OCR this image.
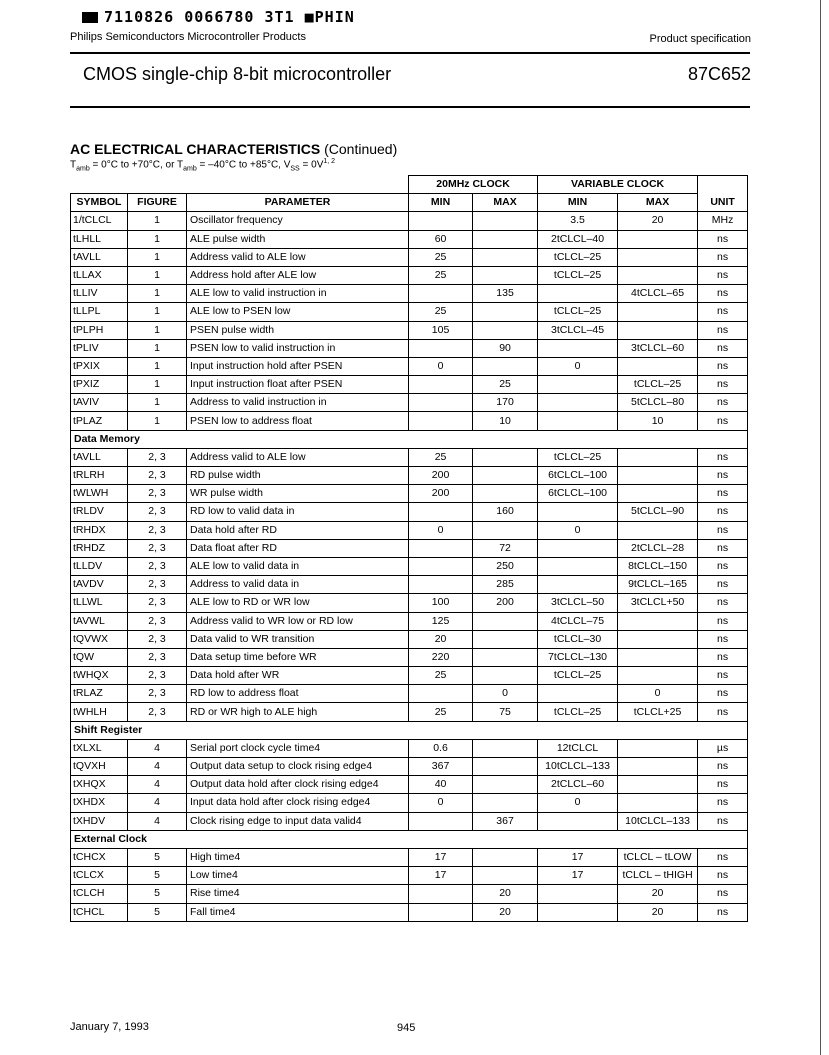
7110826 0066780 3T1 ■PHIN
Philips Semiconductors Microcontroller Products	Product specification
CMOS single-chip 8-bit microcontroller	87C652
AC ELECTRICAL CHARACTERISTICS (Continued)
$T_{amb} = 0^\circ C$ to +70°C, or $T_{amb} = -40^\circ C$ to +85°C, $V_{SS} = 0V^{1, 2}$
			20MHz CLOCK		VARIABLE CLOCK		
SYMBOL	FIGURE	PARAMETER	MIN	MAX	MIN	MAX	UNIT
1/tCLCL	1	Oscillator frequency			3.5	20	MHz
tLHLL	1	ALE pulse width	60		2tCLCL–40		ns
tAVLL	1	Address valid to ALE low	25		tCLCL–25		ns
tLLAX	1	Address hold after ALE low	25		tCLCL–25		ns
tLLIV	1	ALE low to valid instruction in		135		4tCLCL–65	ns
tLLPL	1	ALE low to PSEN low	25		tCLCL–25		ns
tPLPH	1	PSEN pulse width	105		3tCLCL–45		ns
tPLIV	1	PSEN low to valid instruction in		90		3tCLCL–60	ns
tPXIX	1	Input instruction hold after PSEN	0		0		ns
tPXIZ	1	Input instruction float after PSEN		25		tCLCL–25	ns
tAVIV	1	Address to valid instruction in		170		5tCLCL–80	ns
tPLAZ	1	PSEN low to address float		10		10	ns
Data Memory							
tAVLL	2, 3	Address valid to ALE low	25		tCLCL–25		ns
tRLRH	2, 3	RD pulse width	200		6tCLCL–100		ns
tWLWH	2, 3	WR pulse width	200		6tCLCL–100		ns
tRLDV	2, 3	RD low to valid data in		160		5tCLCL–90	ns
tRHDX	2, 3	Data hold after RD	0		0		ns
tRHDZ	2, 3	Data float after RD		72		2tCLCL–28	ns
tLLDV	2, 3	ALE low to valid data in		250		8tCLCL–150	ns
tAVDV	2, 3	Address to valid data in		285		9tCLCL–165	ns
tLLWL	2, 3	ALE low to RD or WR low	100	200	3tCLCL–50	3tCLCL+50	ns
tAVWL	2, 3	Address valid to WR low or RD low	125		4tCLCL–75		ns
tQVWX	2, 3	Data valid to WR transition	20		tCLCL–30		ns
tQW	2, 3	Data setup time before WR	220		7tCLCL–130		ns
tWHQX	2, 3	Data hold after WR	25		tCLCL–25		ns
tRLAZ	2, 3	RD low to address float		0		0	ns
tWHLH	2, 3	RD or WR high to ALE high	25	75	tCLCL–25	tCLCL+25	ns
Shift Register							
tXLXL	4	Serial port clock cycle time4	0.6		12tCLCL		µs
tQVXH	4	Output data setup to clock rising edge4	367		10tCLCL–133		ns
tXHQX	4	Output data hold after clock rising edge4	40		2tCLCL–60		ns
tXHDX	4	Input data hold after clock rising edge4	0		0		ns
tXHDV	4	Clock rising edge to input data valid4		367		10tCLCL–133	ns
External Clock							
tCHCX	5	High time4	17		17	tCLCL – tLOW	ns
tCLCX	5	Low time4	17		17	tCLCL – tHIGH	ns
tCLCH	5	Rise time4		20		20	ns
tCHCL	5	Fall time4		20		20	ns
January 7, 1993	945
